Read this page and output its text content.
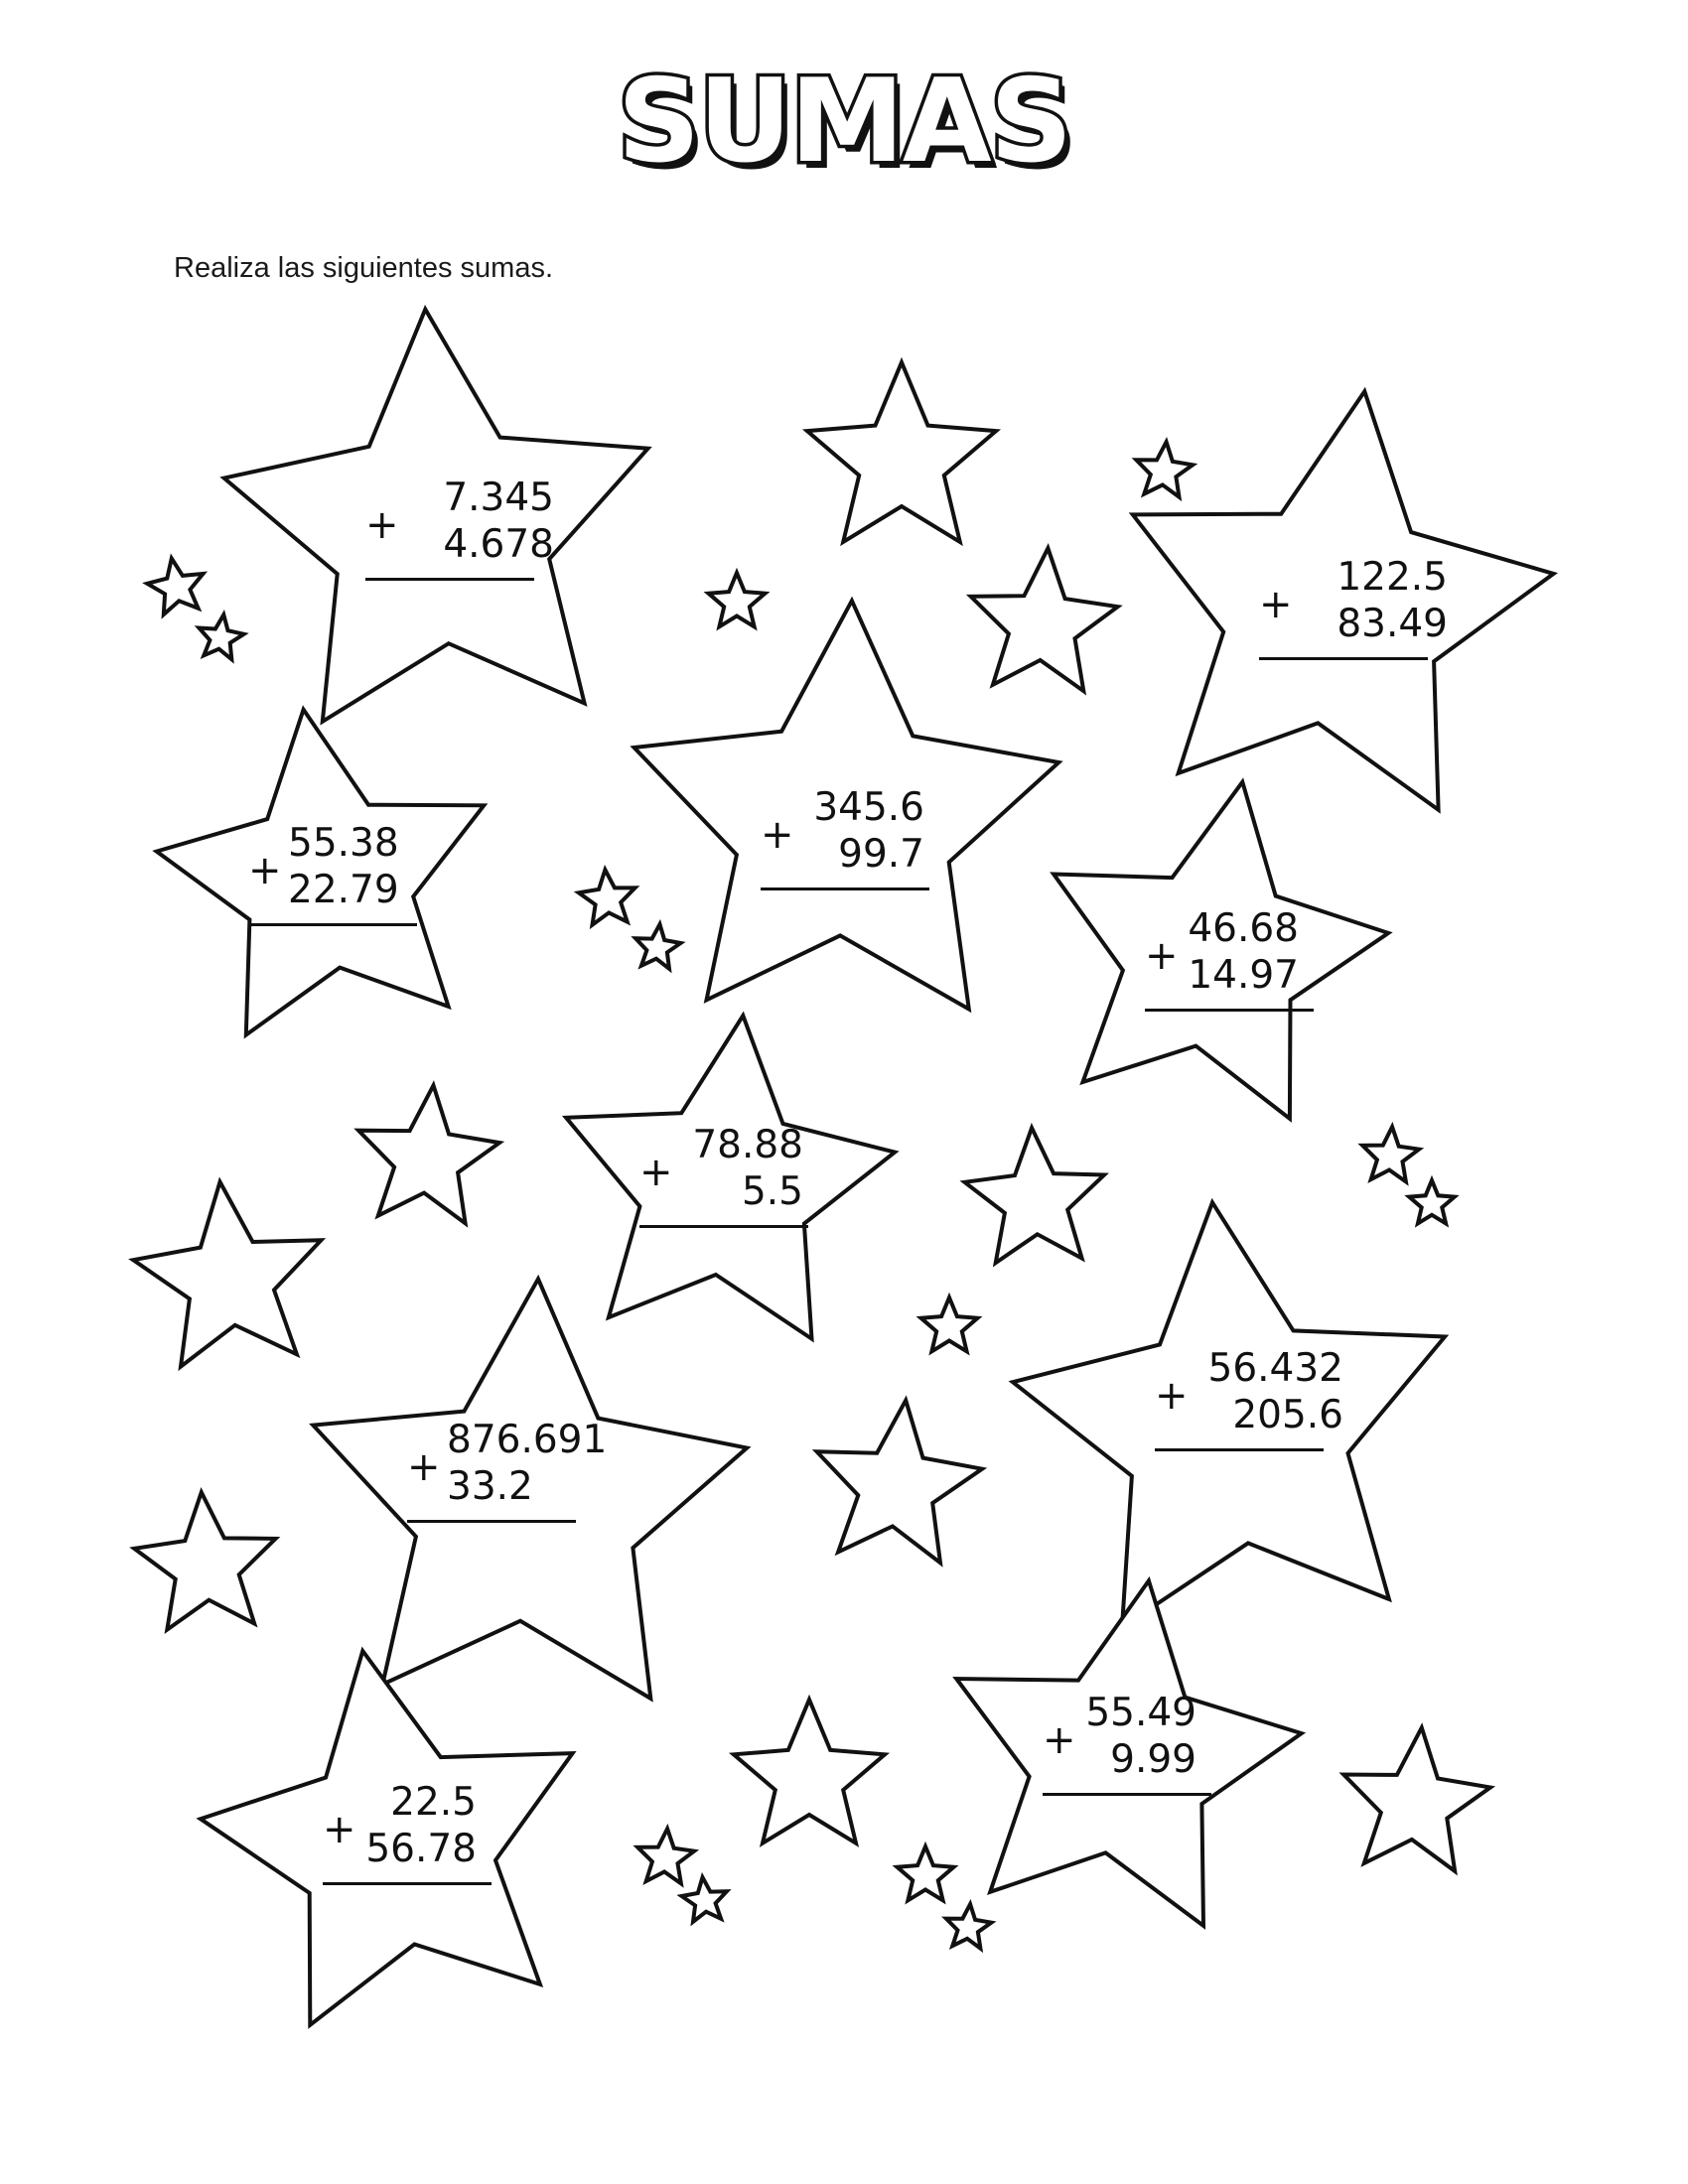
SUMAS
Realiza las siguientes sumas.
+
7.345
4.678
+
122.5
83.49
+
55.38
22.79
+
345.6
99.7
+
46.68
14.97
+
78.88
5.5
+
56.432
205.6
+
876.691
33.2
+
55.49
9.99
+
22.5
56.78
